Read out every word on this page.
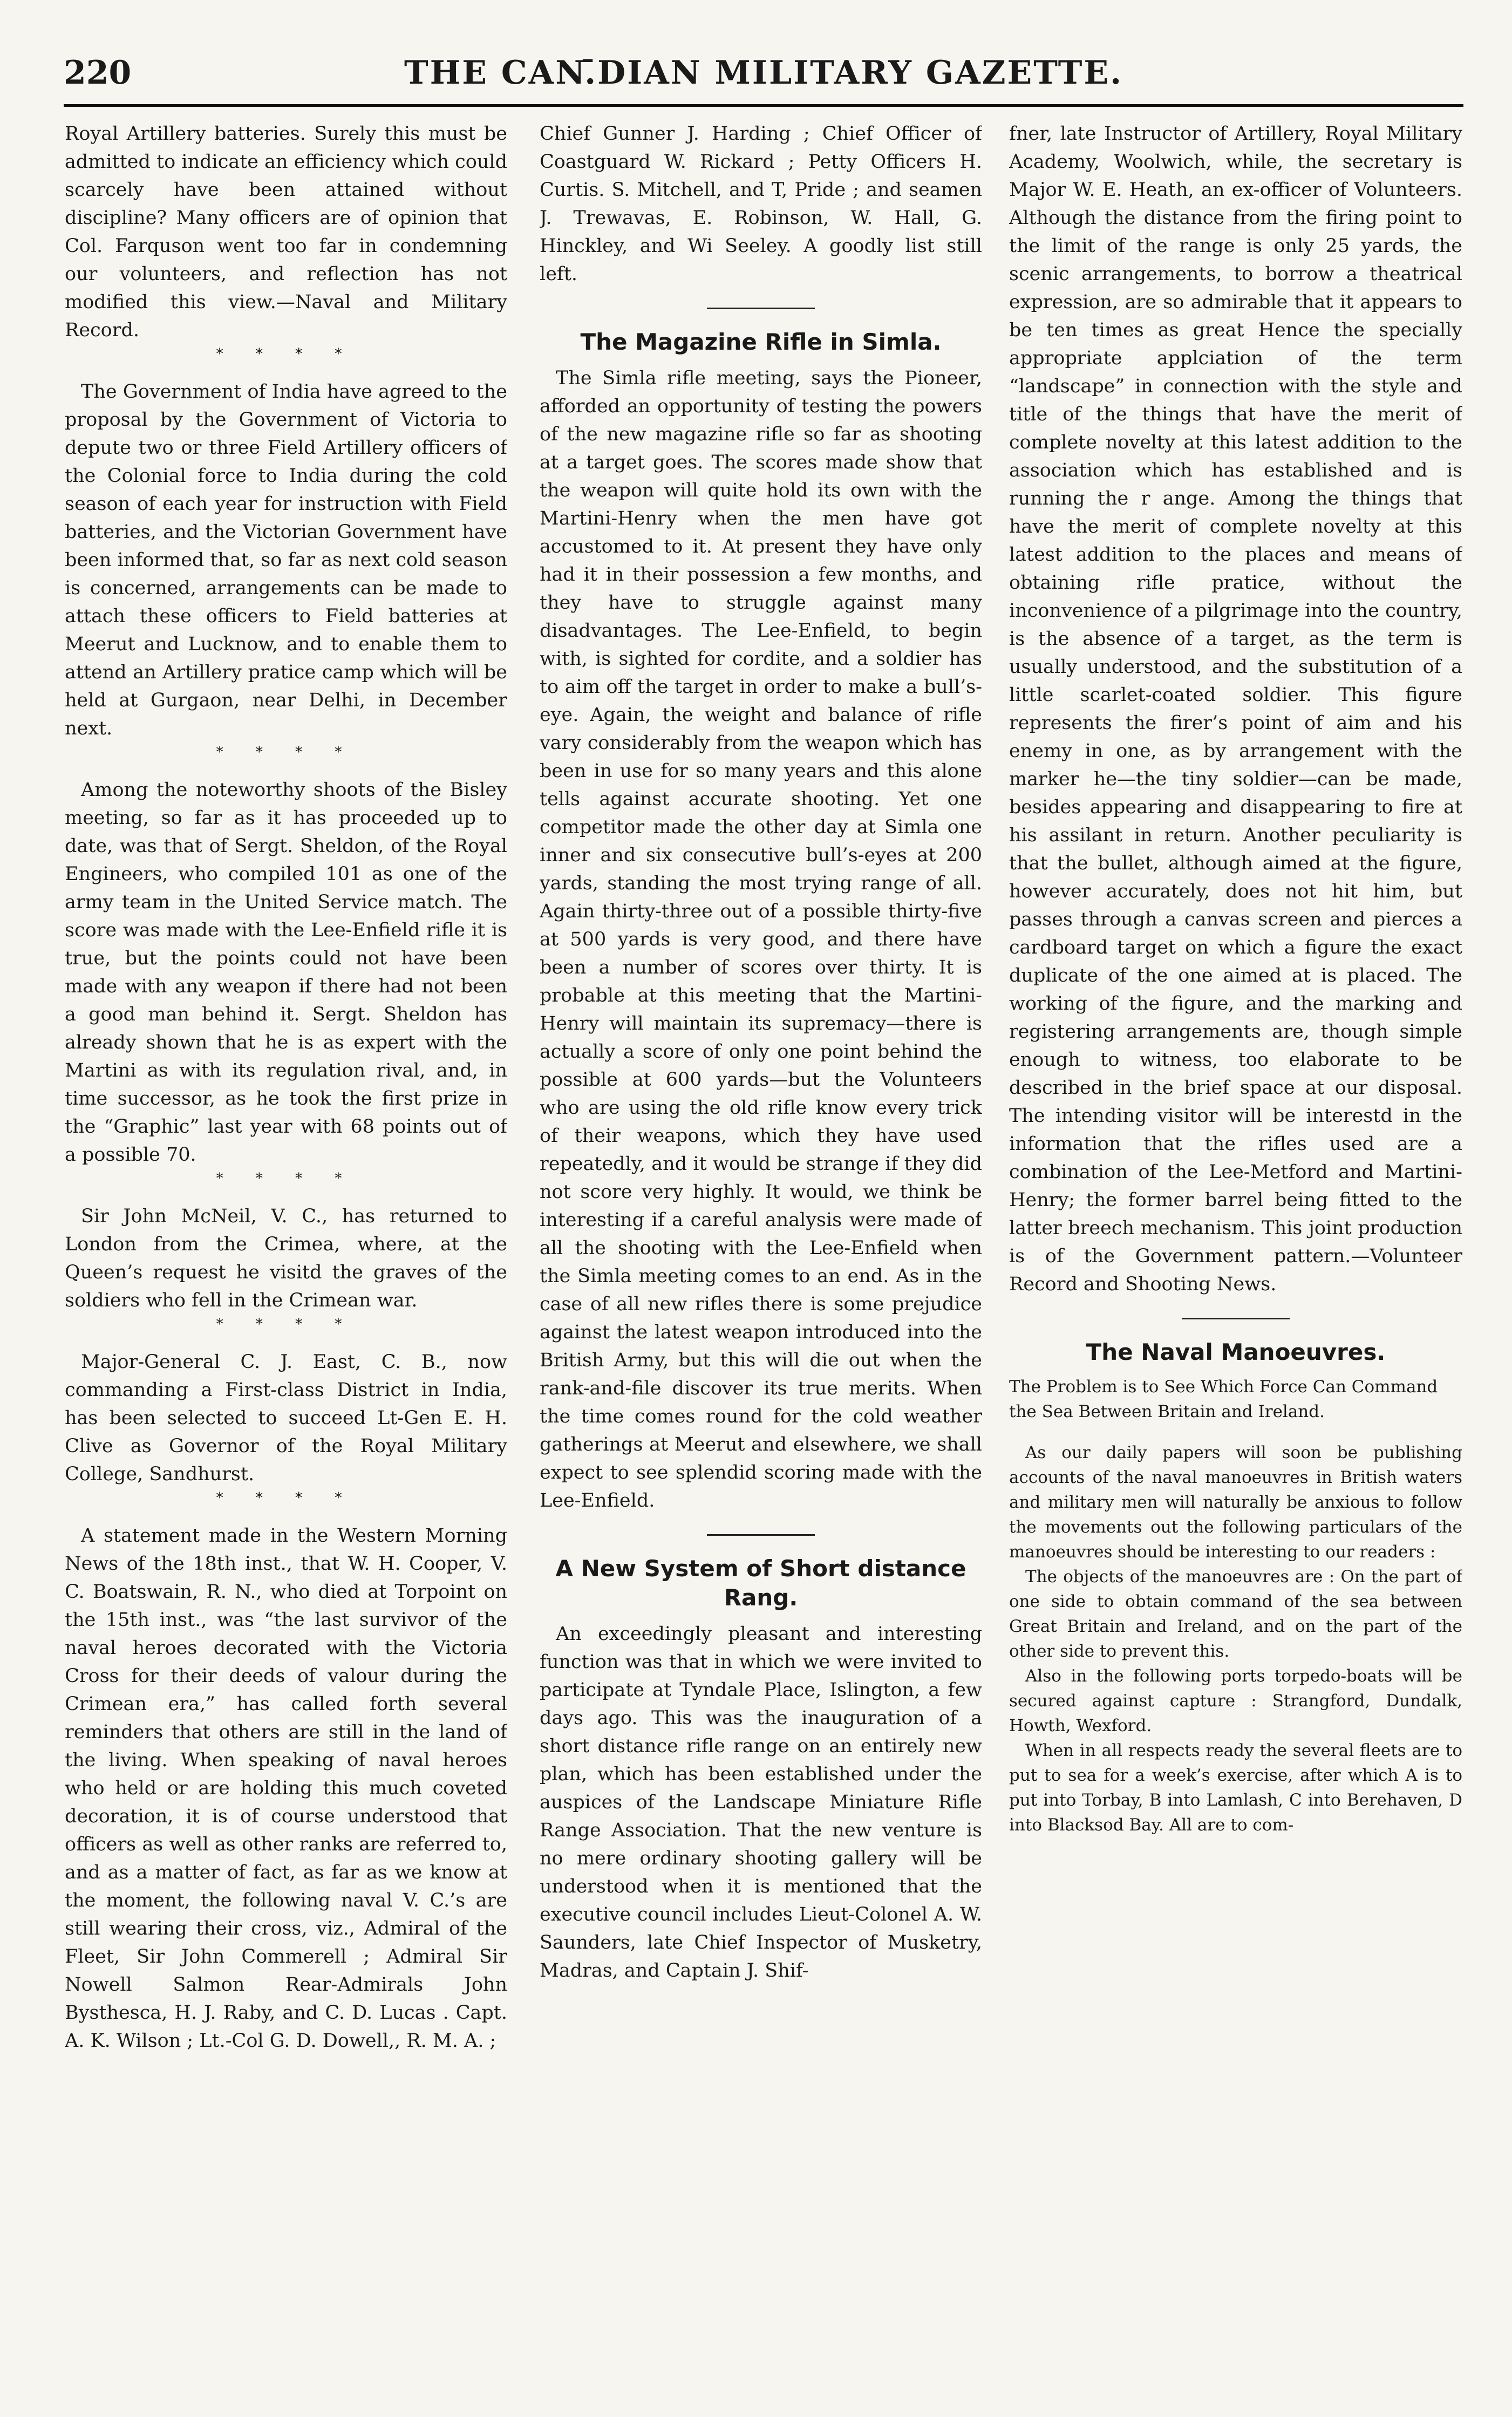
220	THE CAN.̄DIAN MILITARY GAZETTE.

Royal Artillery batteries. Surely this must be admitted to indicate an efficiency which could scarcely have been attained without discipline? Many officers are of opinion that Col. Farquson went too far in condemning our volunteers, and reflection has not modified this view.—Naval and Military Record.

* * * *

The Government of India have agreed to the proposal by the Government of Victoria to depute two or three Field Artillery officers of the Colonial force to India during the cold season of each year for instruction with Field batteries, and the Victorian Government have been informed that, so far as next cold season is concerned, arrangements can be made to attach these officers to Field batteries at Meerut and Lucknow, and to enable them to attend an Artillery pratice camp which will be held at Gurgaon, near Delhi, in December next.

* * * *

Among the noteworthy shoots of the Bisley meeting, so far as it has proceeded up to date, was that of Sergt. Sheldon, of the Royal Engineers, who compiled 101 as one of the army team in the United Service match. The score was made with the Lee-Enfield rifle it is true, but the points could not have been made with any weapon if there had not been a good man behind it. Sergt. Sheldon has already shown that he is as expert with the Martini as with its regulation rival, and, in time successor, as he took the first prize in the “Graphic” last year with 68 points out of a possible 70.

* * * *

Sir John McNeil, V. C., has returned to London from the Crimea, where, at the Queen’s request he visitd the graves of the soldiers who fell in the Crimean war.

* * * *

Major-General C. J. East, C. B., now commanding a First-class District in India, has been selected to succeed Lt-Gen E. H. Clive as Governor of the Royal Military College, Sandhurst.

* * * *

A statement made in the Western Morning News of the 18th inst., that W. H. Cooper, V. C. Boatswain, R. N., who died at Torpoint on the 15th inst., was “the last survivor of the naval heroes decorated with the Victoria Cross for their deeds of valour during the Crimean era,” has called forth several reminders that others are still in the land of the living. When speaking of naval heroes who held or are holding this much coveted decoration, it is of course understood that officers as well as other ranks are referred to, and as a matter of fact, as far as we know at the moment, the following naval V. C.’s are still wearing their cross, viz., Admiral of the Fleet, Sir John Commerell ; Admiral Sir Nowell Salmon Rear-Admirals John Bysthesca, H. J. Raby, and C. D. Lucas . Capt. A. K. Wilson ; Lt.-Col G. D. Dowell,, R. M. A. ;

Chief Gunner J. Harding ; Chief Officer of Coastguard W. Rickard ; Petty Officers H. Curtis. S. Mitchell, and T, Pride ; and seamen J. Trewavas, E. Robinson, W. Hall, G. Hinckley, and Wi Seeley. A goodly list still left.

The Magazine Rifle in Simla.

The Simla rifle meeting, says the Pioneer, afforded an opportunity of testing the powers of the new magazine rifle so far as shooting at a target goes. The scores made show that the weapon will quite hold its own with the Martini-Henry when the men have got accustomed to it. At present they have only had it in their possession a few months, and they have to struggle against many disadvantages. The Lee-Enfield, to begin with, is sighted for cordite, and a soldier has to aim off the target in order to make a bull’s-eye. Again, the weight and balance of rifle vary considerably from the weapon which has been in use for so many years and this alone tells against accurate shooting. Yet one competitor made the other day at Simla one inner and six consecutive bull’s-eyes at 200 yards, standing the most trying range of all. Again thirty-three out of a possible thirty-five at 500 yards is very good, and there have been a number of scores over thirty. It is probable at this meeting that the Martini-Henry will maintain its supremacy—there is actually a score of only one point behind the possible at 600 yards—but the Volunteers who are using the old rifle know every trick of their weapons, which they have used repeatedly, and it would be strange if they did not score very highly. It would, we think be interesting if a careful analysis were made of all the shooting with the Lee-Enfield when the Simla meeting comes to an end. As in the case of all new rifles there is some prejudice against the latest weapon introduced into the British Army, but this will die out when the rank-and-file discover its true merits. When the time comes round for the cold weather gatherings at Meerut and elsewhere, we shall expect to see splendid scoring made with the Lee-Enfield.

A New System of Short distance Rang.

An exceedingly pleasant and interesting function was that in which we were invited to participate at Tyndale Place, Islington, a few days ago. This was the inauguration of a short distance rifle range on an entirely new plan, which has been established under the auspices of the Landscape Miniature Rifle Range Association. That the new venture is no mere ordinary shooting gallery will be understood when it is mentioned that the executive council includes Lieut-Colonel A. W. Saunders, late Chief Inspector of Musketry, Madras, and Captain J. Shif-

fner, late Instructor of Artillery, Royal Military Academy, Woolwich, while, the secretary is Major W. E. Heath, an ex-officer of Volunteers. Although the distance from the firing point to the limit of the range is only 25 yards, the scenic arrangements, to borrow a theatrical expression, are so admirable that it appears to be ten times as great Hence the specially appropriate applciation of the term “landscape” in connection with the style and title of the things that have the merit of complete novelty at this latest addition to the association which has established and is running the r ange. Among the things that have the merit of complete novelty at this latest addition to the places and means of obtaining rifle pratice, without the inconvenience of a pilgrimage into the country, is the absence of a target, as the term is usually understood, and the substitution of a little scarlet-coated soldier. This figure represents the firer’s point of aim and his enemy in one, as by arrangement with the marker he—the tiny soldier—can be made, besides appearing and disappearing to fire at his assilant in return. Another peculiarity is that the bullet, although aimed at the figure, however accurately, does not hit him, but passes through a canvas screen and pierces a cardboard target on which a figure the exact duplicate of the one aimed at is placed. The working of the figure, and the marking and registering arrangements are, though simple enough to witness, too elaborate to be described in the brief space at our disposal. The intending visitor will be interestd in the information that the rifles used are a combination of the Lee-Metford and Martini-Henry; the former barrel being fitted to the latter breech mechanism. This joint production is of the Government pattern.—Volunteer Record and Shooting News.

The Naval Manoeuvres.
The Problem is to See Which Force Can Command the Sea Between Britain and Ireland.

As our daily papers will soon be publishing accounts of the naval manoeuvres in British waters and military men will naturally be anxious to follow the movements out the following particulars of the manoeuvres should be interesting to our readers :

The objects of the manoeuvres are : On the part of one side to obtain command of the sea between Great Britain and Ireland, and on the part of the other side to prevent this.

Also in the following ports torpedo-boats will be secured against capture : Strangford, Dundalk, Howth, Wexford.

When in all respects ready the several fleets are to put to sea for a week’s exercise, after which A is to put into Torbay, B into Lamlash, C into Berehaven, D into Blacksod Bay. All are to com-
